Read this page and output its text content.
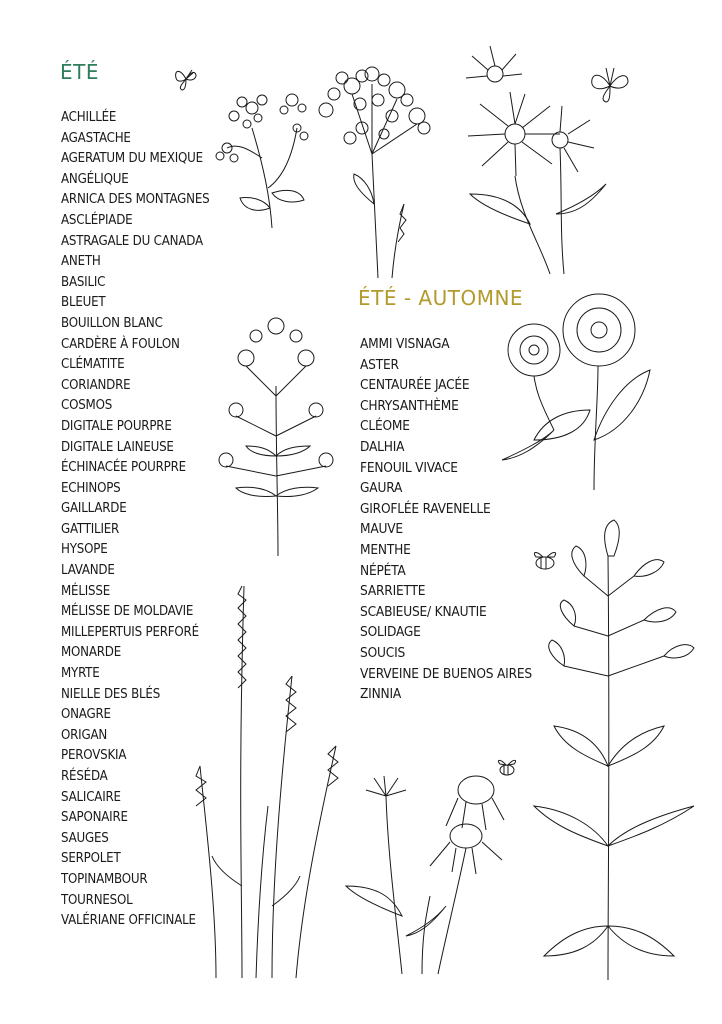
ÉTÉ
ÉTÉ - AUTOMNE
ACHILLÉE
AGASTACHE
AGERATUM DU MEXIQUE
ANGÉLIQUE
ARNICA DES MONTAGNES
ASCLÉPIADE
ASTRAGALE DU CANADA
ANETH
BASILIC
BLEUET
BOUILLON BLANC
CARDÈRE À FOULON
CLÉMATITE
CORIANDRE
COSMOS
DIGITALE POURPRE
DIGITALE LAINEUSE
ÉCHINACÉE POURPRE
ECHINOPS
GAILLARDE
GATTILIER
HYSOPE
LAVANDE
MÉLISSE
MÉLISSE DE MOLDAVIE
MILLEPERTUIS PERFORÉ
MONARDE
MYRTE
NIELLE DES BLÉS
ONAGRE
ORIGAN
PEROVSKIA
RÉSÉDA
SALICAIRE
SAPONAIRE
SAUGES
SERPOLET
TOPINAMBOUR
TOURNESOL
VALÉRIANE OFFICINALE
AMMI VISNAGA
ASTER
CENTAURÉE JACÉE
CHRYSANTHÈME
CLÉOME
DALHIA
FENOUIL VIVACE
GAURA
GIROFLÉE RAVENELLE
MAUVE
MENTHE
NÉPÉTA
SARRIETTE
SCABIEUSE/ KNAUTIE
SOLIDAGE
SOUCIS
VERVEINE DE BUENOS AIRES
ZINNIA
